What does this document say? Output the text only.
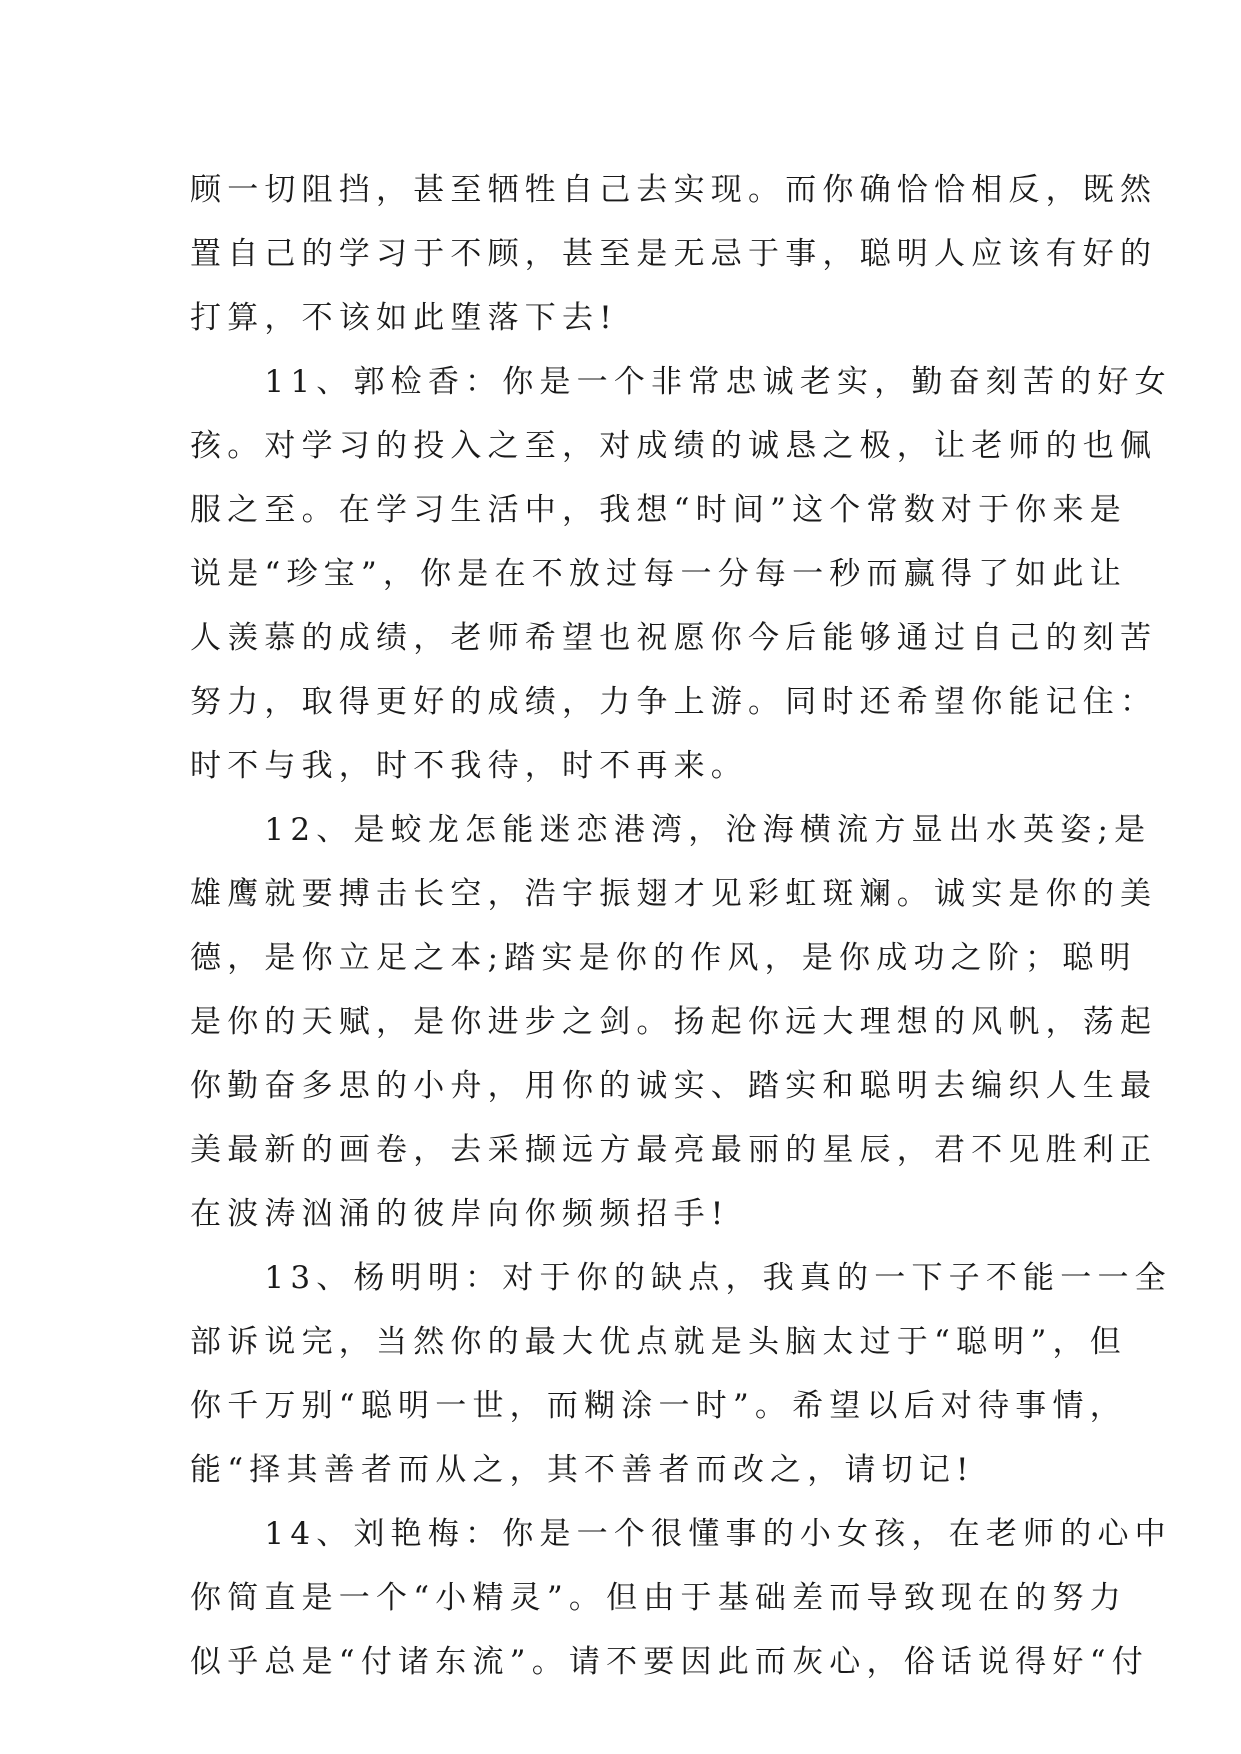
顾一切阻挡，甚至牺牲自己去实现。而你确恰恰相反，既然
置自己的学习于不顾，甚至是无忌于事，聪明人应该有好的
打算，不该如此堕落下去!
　　11、郭检香：你是一个非常忠诚老实，勤奋刻苦的好女
孩。对学习的投入之至，对成绩的诚恳之极，让老师的也佩
服之至。在学习生活中，我想“时间”这个常数对于你来是
说是“珍宝”，你是在不放过每一分每一秒而赢得了如此让
人羡慕的成绩，老师希望也祝愿你今后能够通过自己的刻苦
努力，取得更好的成绩，力争上游。同时还希望你能记住：
时不与我，时不我待，时不再来。
　　12、是蛟龙怎能迷恋港湾，沧海横流方显出水英姿;是
雄鹰就要搏击长空，浩宇振翅才见彩虹斑斓。诚实是你的美
德，是你立足之本;踏实是你的作风，是你成功之阶；聪明
是你的天赋，是你进步之剑。扬起你远大理想的风帆，荡起
你勤奋多思的小舟，用你的诚实、踏实和聪明去编织人生最
美最新的画卷，去采撷远方最亮最丽的星辰，君不见胜利正
在波涛汹涌的彼岸向你频频招手!
　　13、杨明明：对于你的缺点，我真的一下子不能一一全
部诉说完，当然你的最大优点就是头脑太过于“聪明”，但
你千万别“聪明一世，而糊涂一时”。希望以后对待事情，
能“择其善者而从之，其不善者而改之，请切记!
　　14、刘艳梅：你是一个很懂事的小女孩，在老师的心中
你简直是一个“小精灵”。但由于基础差而导致现在的努力
似乎总是“付诸东流”。请不要因此而灰心，俗话说得好“付
